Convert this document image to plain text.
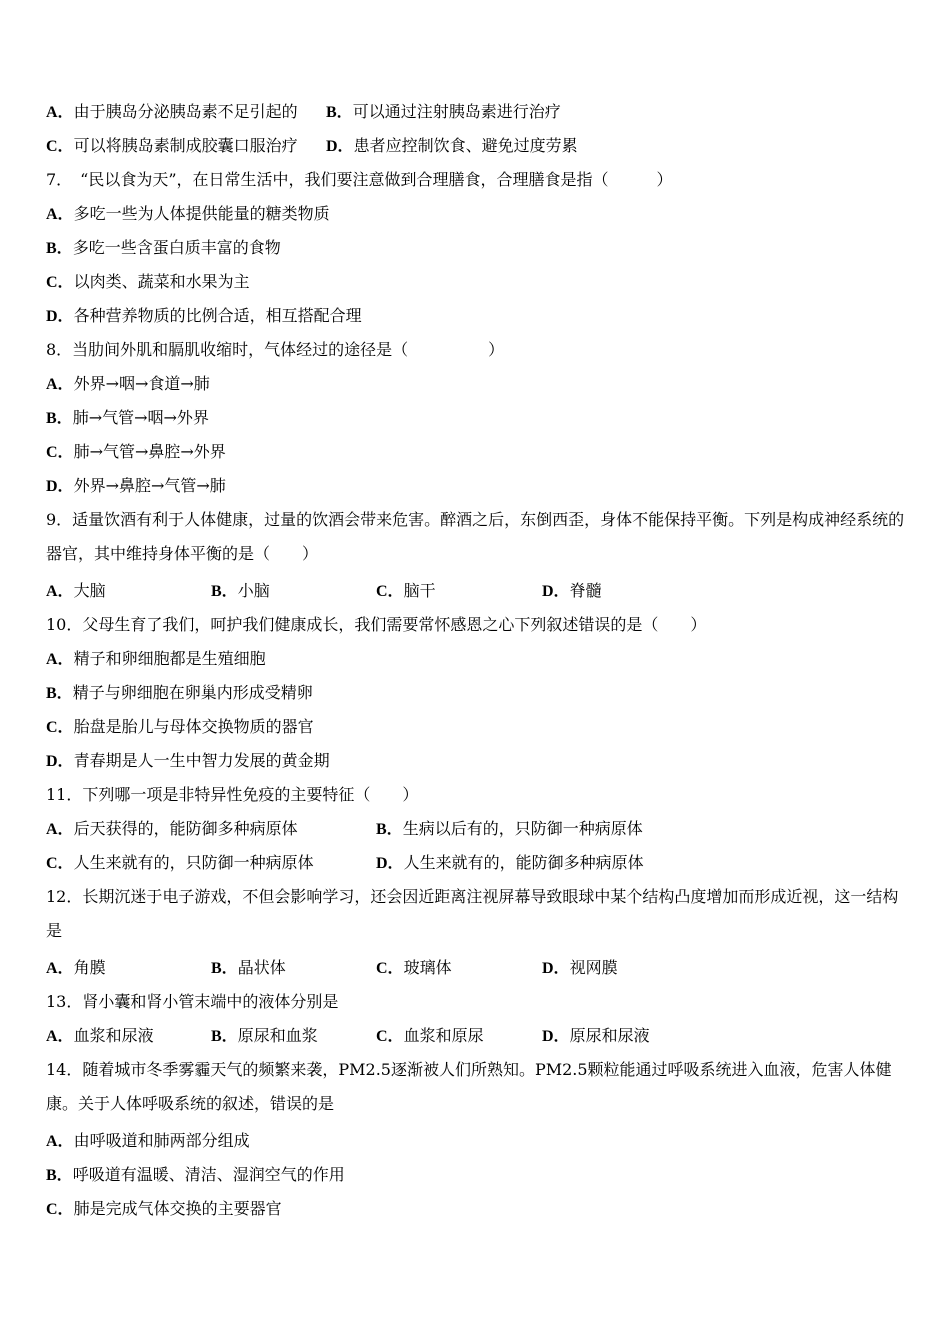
A．由于胰岛分泌胰岛素不足引起的 B．可以通过注射胰岛素进行治疗
C．可以将胰岛素制成胶囊口服治疗 D．患者应控制饮食、避免过度劳累
7．　“民以食为天”，在日常生活中，我们要注意做到合理膳食，合理膳食是指（　　　）
A．多吃一些为人体提供能量的糖类物质
B．多吃一些含蛋白质丰富的食物
C．以肉类、蔬菜和水果为主
D．各种营养物质的比例合适，相互搭配合理
8．当肋间外肌和膈肌收缩时，气体经过的途径是（　　　　　）
A．外界→咽→食道→肺
B．肺→气管→咽→外界
C．肺→气管→鼻腔→外界
D．外界→鼻腔→气管→肺
9．适量饮酒有利于人体健康，过量的饮酒会带来危害。醉酒之后，东倒西歪，身体不能保持平衡。下列是构成神经系统的器官，其中维持身体平衡的是（　　）
A．大脑	B．小脑	C．脑干	D．脊髓
10．父母生育了我们，呵护我们健康成长，我们需要常怀感恩之心下列叙述错误的是（　　）
A．精子和卵细胞都是生殖细胞
B．精子与卵细胞在卵巢内形成受精卵
C．胎盘是胎儿与母体交换物质的器官
D．青春期是人一生中智力发展的黄金期
11．下列哪一项是非特异性免疫的主要特征（　　）
A．后天获得的，能防御多种病原体	B．生病以后有的，只防御一种病原体
C．人生来就有的，只防御一种病原体	D．人生来就有的，能防御多种病原体
12．长期沉迷于电子游戏，不但会影响学习，还会因近距离注视屏幕导致眼球中某个结构凸度增加而形成近视，这一结构是
A．角膜	B．晶状体	C．玻璃体	D．视网膜
13．肾小囊和肾小管末端中的液体分别是
A．血浆和尿液	B．原尿和血浆	C．血浆和原尿	D．原尿和尿液
14．随着城市冬季雾霾天气的频繁来袭，PM2.5逐渐被人们所熟知。PM2.5颗粒能通过呼吸系统进入血液，危害人体健康。关于人体呼吸系统的叙述，错误的是
A．由呼吸道和肺两部分组成
B．呼吸道有温暖、清洁、湿润空气的作用
C．肺是完成气体交换的主要器官
